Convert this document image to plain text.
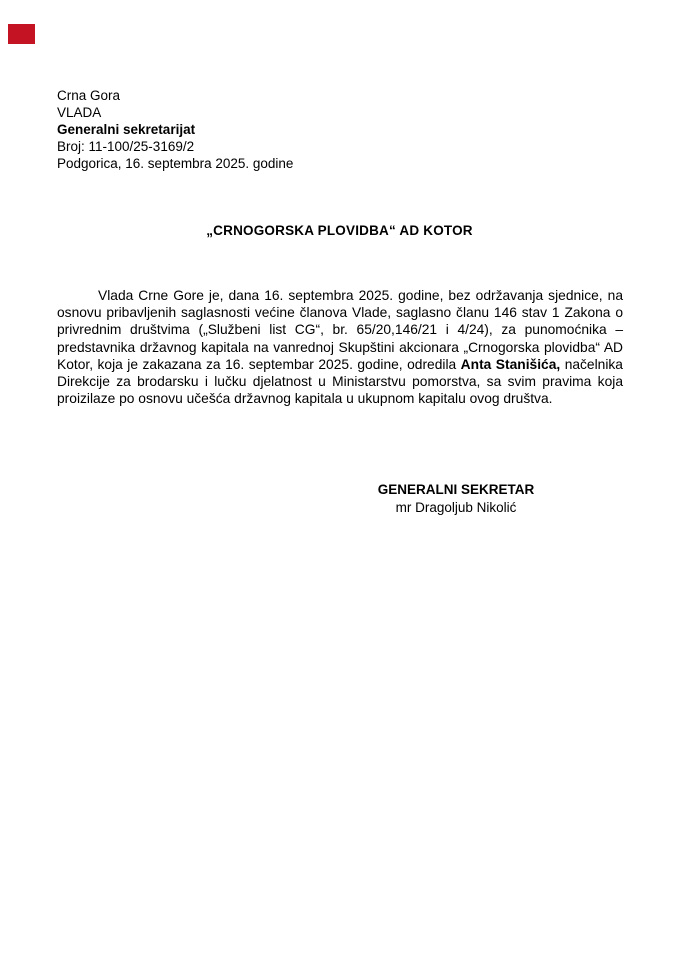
Crna Gora
VLADA
Generalni sekretarijat
Broj: 11-100/25-3169/2
Podgorica, 16. septembra 2025. godine
„CRNOGORSKA PLOVIDBA“ AD KOTOR

Vlada Crne Gore je, dana 16. septembra 2025. godine, bez održavanja sjednice, na osnovu pribavljenih saglasnosti većine članova Vlade, saglasno članu 146 stav 1 Zakona o privrednim društvima („Službeni list CG“, br. 65/20,146/21 i 4/24), za punomoćnika – predstavnika državnog kapitala na vanrednoj Skupštini akcionara „Crnogorska plovidba“ AD Kotor, koja je zakazana za 16. septembar 2025. godine, odredila Anta Stanišića, načelnika Direkcije za brodarsku i lučku djelatnost u Ministarstvu pomorstva, sa svim pravima koja proizilaze po osnovu učešća državnog kapitala u ukupnom kapitalu ovog društva.

GENERALNI SEKRETAR
mr Dragoljub Nikolić
